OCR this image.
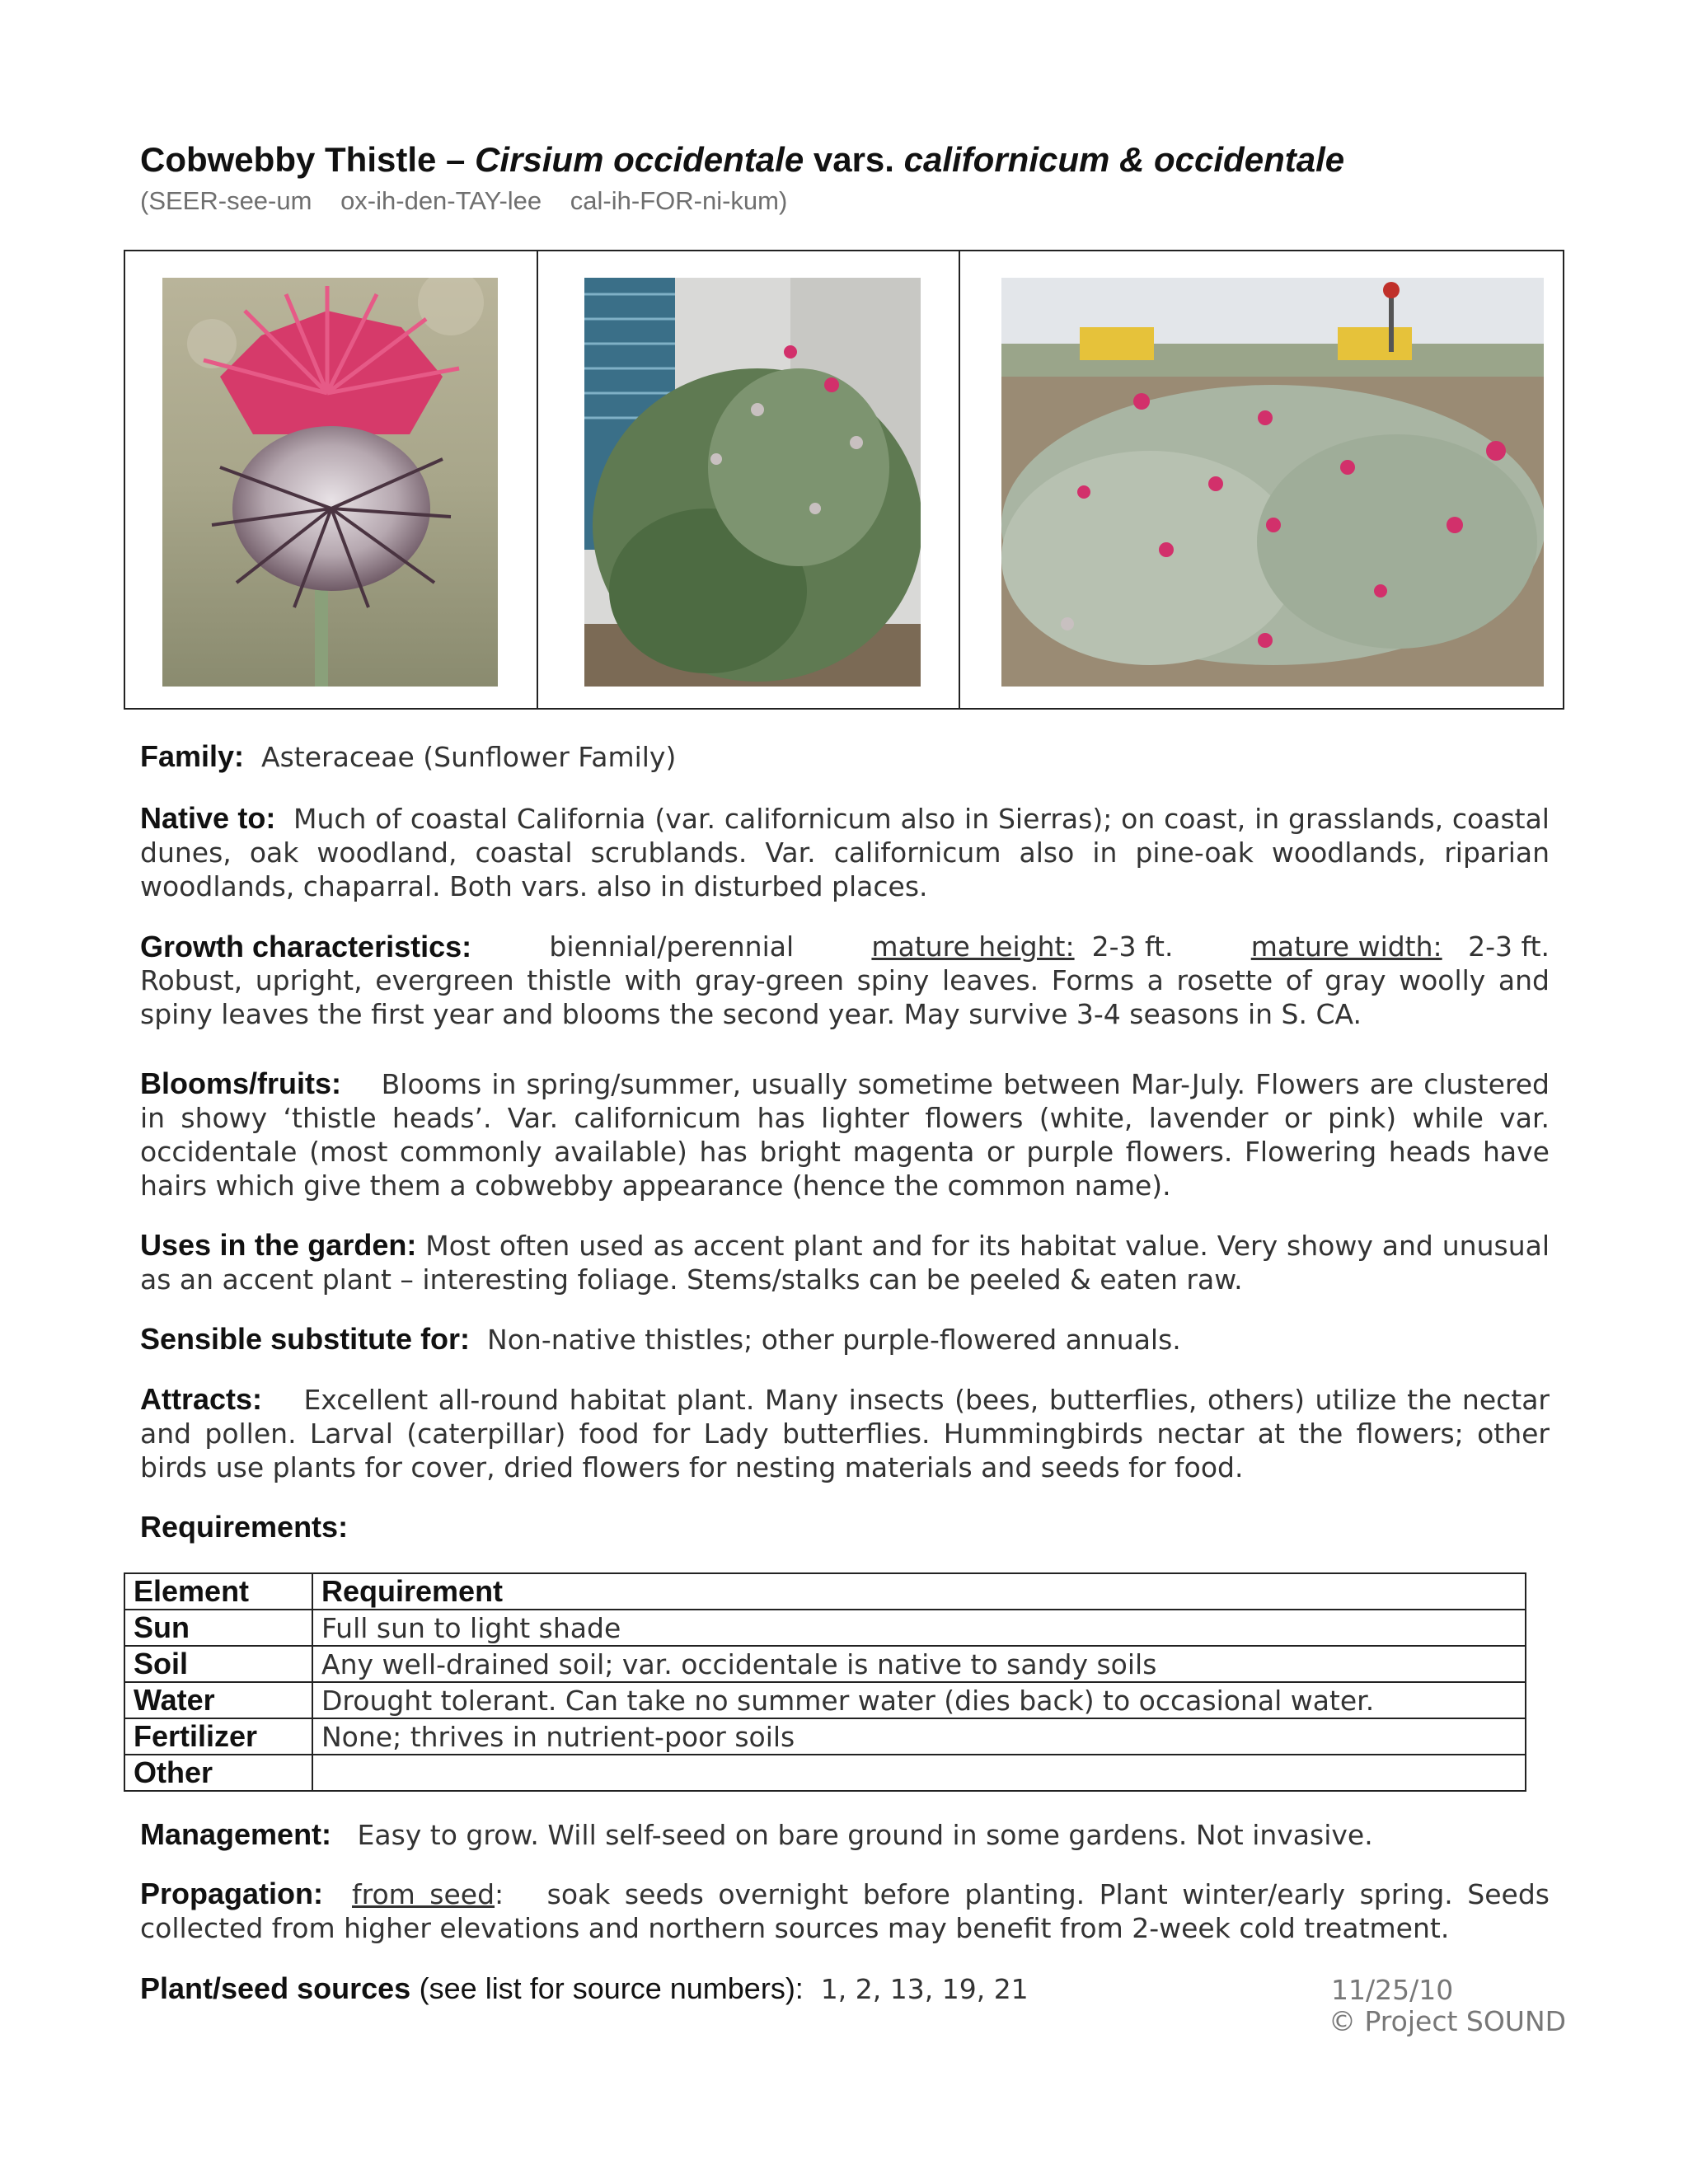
Cobwebby Thistle – Cirsium occidentale vars. californicum & occidentale
(SEER-see-um ox-ih-den-TAY-lee cal-ih-FOR-ni-kum)
Family: Asteraceae (Sunflower Family)
Native to: Much of coastal California (var. californicum also in Sierras); on coast, in grasslands, coastal dunes, oak woodland, coastal scrublands. Var. californicum also in pine-oak woodlands, riparian woodlands, chaparral. Both vars. also in disturbed places.
Growth characteristics:	biennial/perennial	mature height: 2-3 ft.	mature width: 2-3 ft.
Robust, upright, evergreen thistle with gray-green spiny leaves. Forms a rosette of gray woolly and spiny leaves the first year and blooms the second year. May survive 3-4 seasons in S. CA.
Blooms/fruits: Blooms in spring/summer, usually sometime between Mar-July. Flowers are clustered in showy ‘thistle heads’. Var. californicum has lighter flowers (white, lavender or pink) while var. occidentale (most commonly available) has bright magenta or purple flowers. Flowering heads have hairs which give them a cobwebby appearance (hence the common name).
Uses in the garden: Most often used as accent plant and for its habitat value. Very showy and unusual as an accent plant – interesting foliage. Stems/stalks can be peeled & eaten raw.
Sensible substitute for: Non-native thistles; other purple-flowered annuals.
Attracts: Excellent all-round habitat plant. Many insects (bees, butterflies, others) utilize the nectar and pollen. Larval (caterpillar) food for Lady butterflies. Hummingbirds nectar at the flowers; other birds use plants for cover, dried flowers for nesting materials and seeds for food.
Requirements:
Element	Requirement
Sun	Full sun to light shade
Soil	Any well-drained soil; var. occidentale is native to sandy soils
Water	Drought tolerant. Can take no summer water (dies back) to occasional water.
Fertilizer	None; thrives in nutrient-poor soils
Other	
Management: Easy to grow. Will self-seed on bare ground in some gardens. Not invasive.
Propagation: from seed:   soak seeds overnight before planting. Plant winter/early spring. Seeds collected from higher elevations and northern sources may benefit from 2-week cold treatment.
Plant/seed sources (see list for source numbers): 1, 2, 13, 19, 21	11/25/10
© Project SOUND
